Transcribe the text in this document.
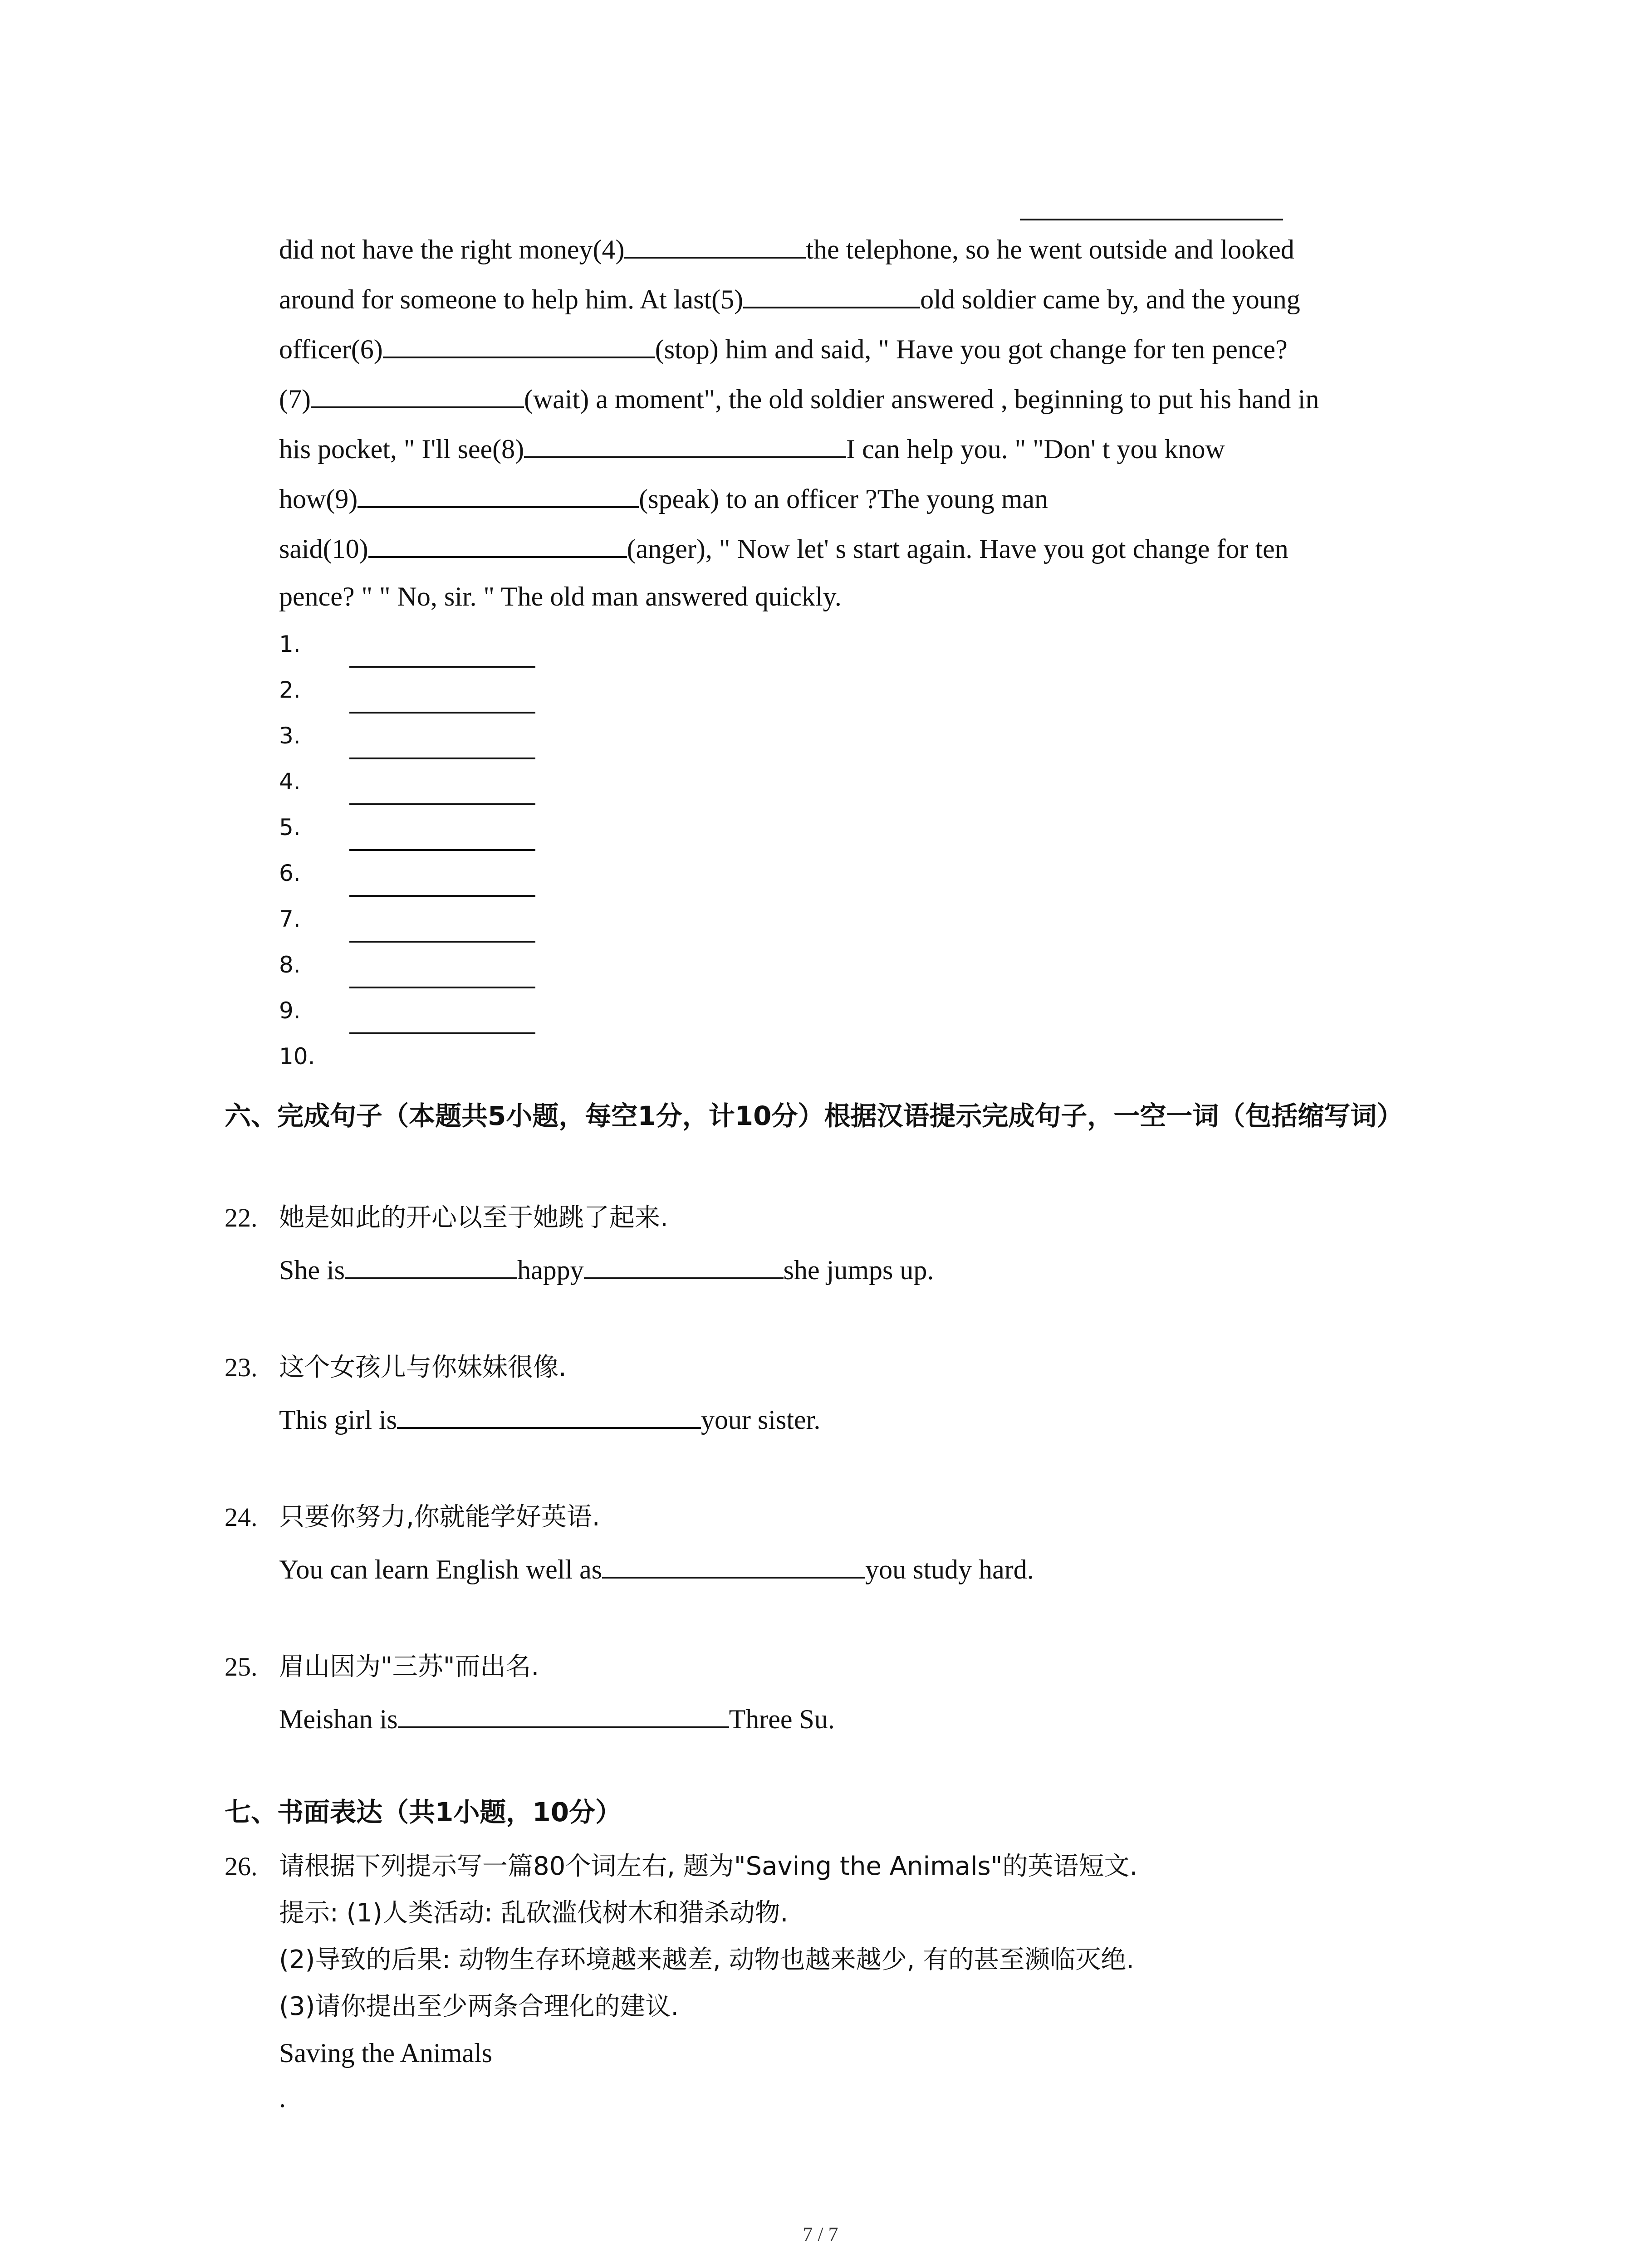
did not have the right money(4)	the telephone, so he went outside and looked
around for someone to help him. At last(5)	old soldier came by, and the young
officer(6)	(stop) him and said, " Have you got change for ten pence?
(7)	(wait) a moment", the old soldier answered , beginning to put his hand in
his pocket, " I'll see(8)	I can help you. " "Don' t you know
how(9)	(speak) to an officer ?The young man
said(10)	(anger), " Now let' s start again. Have you got change for ten
pence? " " No, sir. " The old man answered quickly.
1.
2.
3.
4.
5.
6.
7.
8.
9.
10.
六、完成句子（本题共5小题，每空1分，计10分）根据汉语提示完成句子，一空一词（包括缩写词）
22. 她是如此的开心以至于她跳了起来.
She is	happy	she jumps up.
23. 这个女孩儿与你妹妹很像.
This girl is	your sister.
24. 只要你努力,你就能学好英语.
You can learn English well as	you study hard.
25. 眉山因为"三苏"而出名.
Meishan is	Three Su.
七、书面表达（共1小题，10分）
26. 请根据下列提示写一篇80个词左右, 题为"Saving the Animals"的英语短文.
提示: (1)人类活动: 乱砍滥伐树木和猎杀动物.
(2)导致的后果: 动物生存环境越来越差, 动物也越来越少, 有的甚至濒临灭绝.
(3)请你提出至少两条合理化的建议.
Saving the Animals
.
7 / 7
